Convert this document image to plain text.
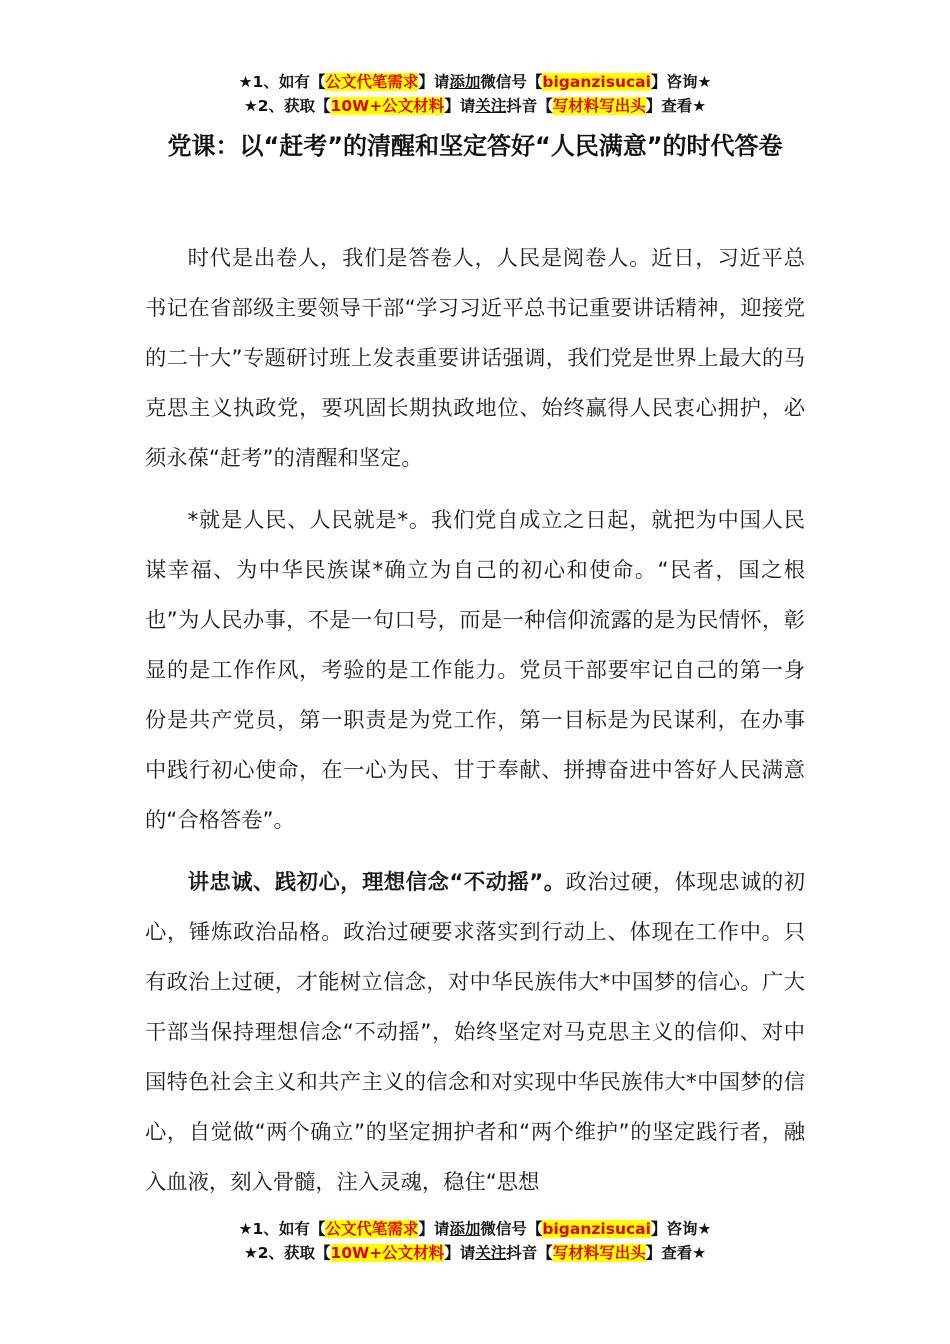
★1、如有【公文代笔需求】请添加微信号【biganzisucai】咨询★
★2、获取【10W+公文材料】请关注抖音【写材料写出头】查看★
党课：以“赶考”的清醒和坚定答好“人民满意”的时代答卷

时代是出卷人，我们是答卷人，人民是阅卷人。近日，习近平总书记在省部级主要领导干部“学习习近平总书记重要讲话精神，迎接党的二十大”专题研讨班上发表重要讲话强调，我们党是世界上最大的马克思主义执政党，要巩固长期执政地位、始终赢得人民衷心拥护，必须永葆“赶考”的清醒和坚定。

*就是人民、人民就是*。我们党自成立之日起，就把为中国人民谋幸福、为中华民族谋*确立为自己的初心和使命。“民者，国之根也”为人民办事，不是一句口号，而是一种信仰流露的是为民情怀，彰显的是工作作风，考验的是工作能力。党员干部要牢记自己的第一身份是共产党员，第一职责是为党工作，第一目标是为民谋利，在办事中践行初心使命，在一心为民、甘于奉献、拼搏奋进中答好人民满意的“合格答卷”。

讲忠诚、践初心，理想信念“不动摇”。政治过硬，体现忠诚的初心，锤炼政治品格。政治过硬要求落实到行动上、体现在工作中。只有政治上过硬，才能树立信念，对中华民族伟大*中国梦的信心。广大干部当保持理想信念“不动摇”，始终坚定对马克思主义的信仰、对中国特色社会主义和共产主义的信念和对实现中华民族伟大*中国梦的信心，自觉做“两个确立”的坚定拥护者和“两个维护”的坚定践行者，融入血液，刻入骨髓，注入灵魂，稳住“思想

★1、如有【公文代笔需求】请添加微信号【biganzisucai】咨询★
★2、获取【10W+公文材料】请关注抖音【写材料写出头】查看★
